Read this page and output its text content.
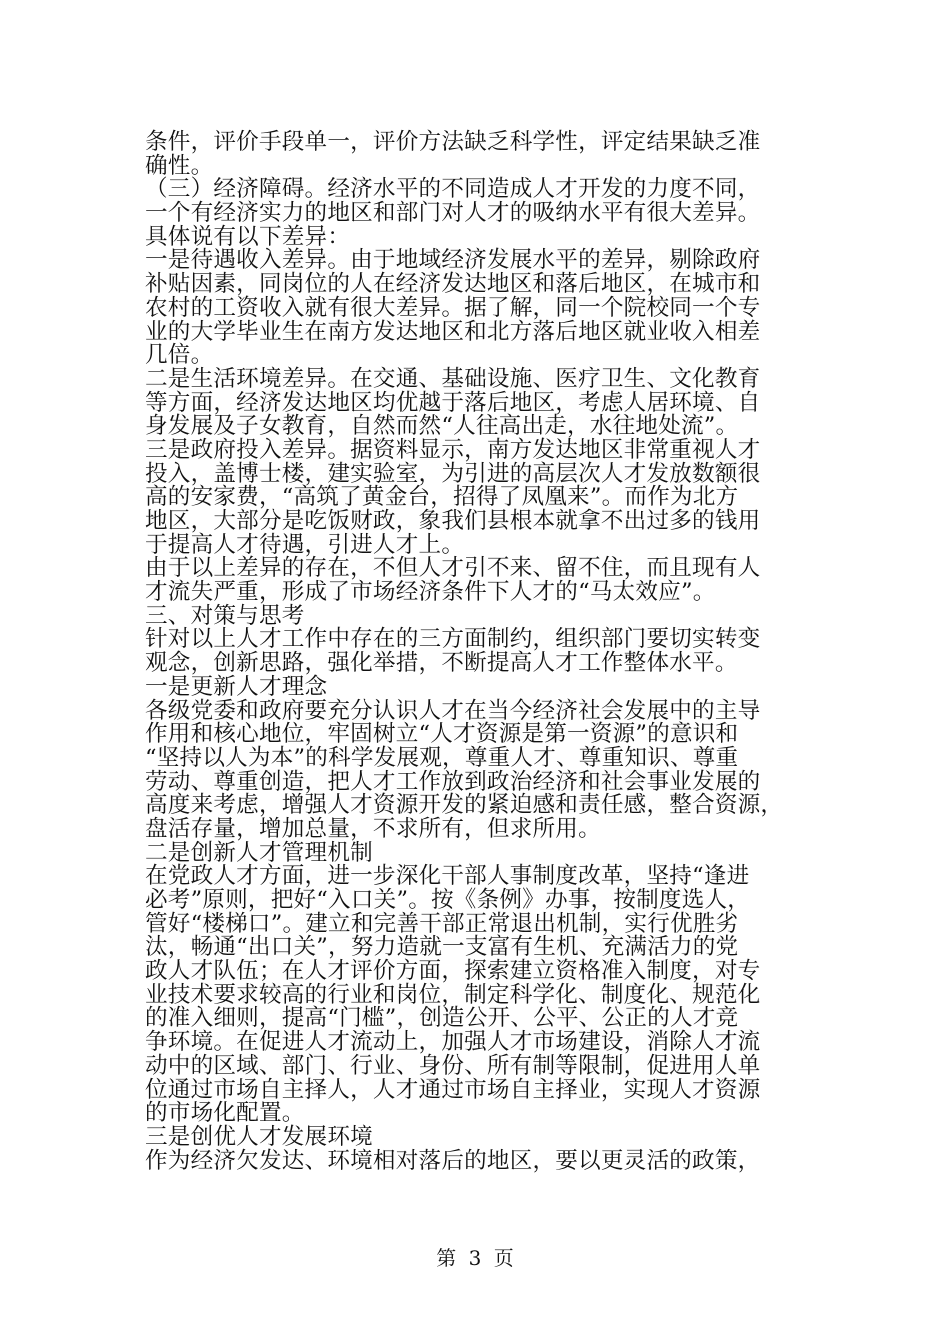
条件，评价手段单一，评价方法缺乏科学性，评定结果缺乏准
确性。
（三）经济障碍。经济水平的不同造成人才开发的力度不同，
一个有经济实力的地区和部门对人才的吸纳水平有很大差异。
具体说有以下差异：
一是待遇收入差异。由于地域经济发展水平的差异，剔除政府
补贴因素，同岗位的人在经济发达地区和落后地区，在城市和
农村的工资收入就有很大差异。据了解，同一个院校同一个专
业的大学毕业生在南方发达地区和北方落后地区就业收入相差
几倍。
二是生活环境差异。在交通、基础设施、医疗卫生、文化教育
等方面，经济发达地区均优越于落后地区，考虑人居环境、自
身发展及子女教育，自然而然“人往高出走，水往地处流”。
三是政府投入差异。据资料显示，南方发达地区非常重视人才
投入，盖博士楼，建实验室，为引进的高层次人才发放数额很
高的安家费，“高筑了黄金台，招得了凤凰来”。而作为北方
地区，大部分是吃饭财政，象我们县根本就拿不出过多的钱用
于提高人才待遇，引进人才上。
由于以上差异的存在，不但人才引不来、留不住，而且现有人
才流失严重，形成了市场经济条件下人才的“马太效应”。
三、对策与思考
针对以上人才工作中存在的三方面制约，组织部门要切实转变
观念，创新思路，强化举措，不断提高人才工作整体水平。
一是更新人才理念
各级党委和政府要充分认识人才在当今经济社会发展中的主导
作用和核心地位，牢固树立“人才资源是第一资源”的意识和
“坚持以人为本”的科学发展观，尊重人才、尊重知识、尊重
劳动、尊重创造，把人才工作放到政治经济和社会事业发展的
高度来考虑，增强人才资源开发的紧迫感和责任感，整合资源，
盘活存量，增加总量，不求所有，但求所用。
二是创新人才管理机制
在党政人才方面，进一步深化干部人事制度改革，坚持“逢进
必考”原则，把好“入口关”。按《条例》办事，按制度选人，
管好“楼梯口”。建立和完善干部正常退出机制，实行优胜劣
汰，畅通“出口关”，努力造就一支富有生机、充满活力的党
政人才队伍；在人才评价方面，探索建立资格准入制度，对专
业技术要求较高的行业和岗位，制定科学化、制度化、规范化
的准入细则，提高“门槛”，创造公开、公平、公正的人才竞
争环境。在促进人才流动上，加强人才市场建设，消除人才流
动中的区域、部门、行业、身份、所有制等限制，促进用人单
位通过市场自主择人，人才通过市场自主择业，实现人才资源
的市场化配置。
三是创优人才发展环境
作为经济欠发达、环境相对落后的地区，要以更灵活的政策，
第 3 页
